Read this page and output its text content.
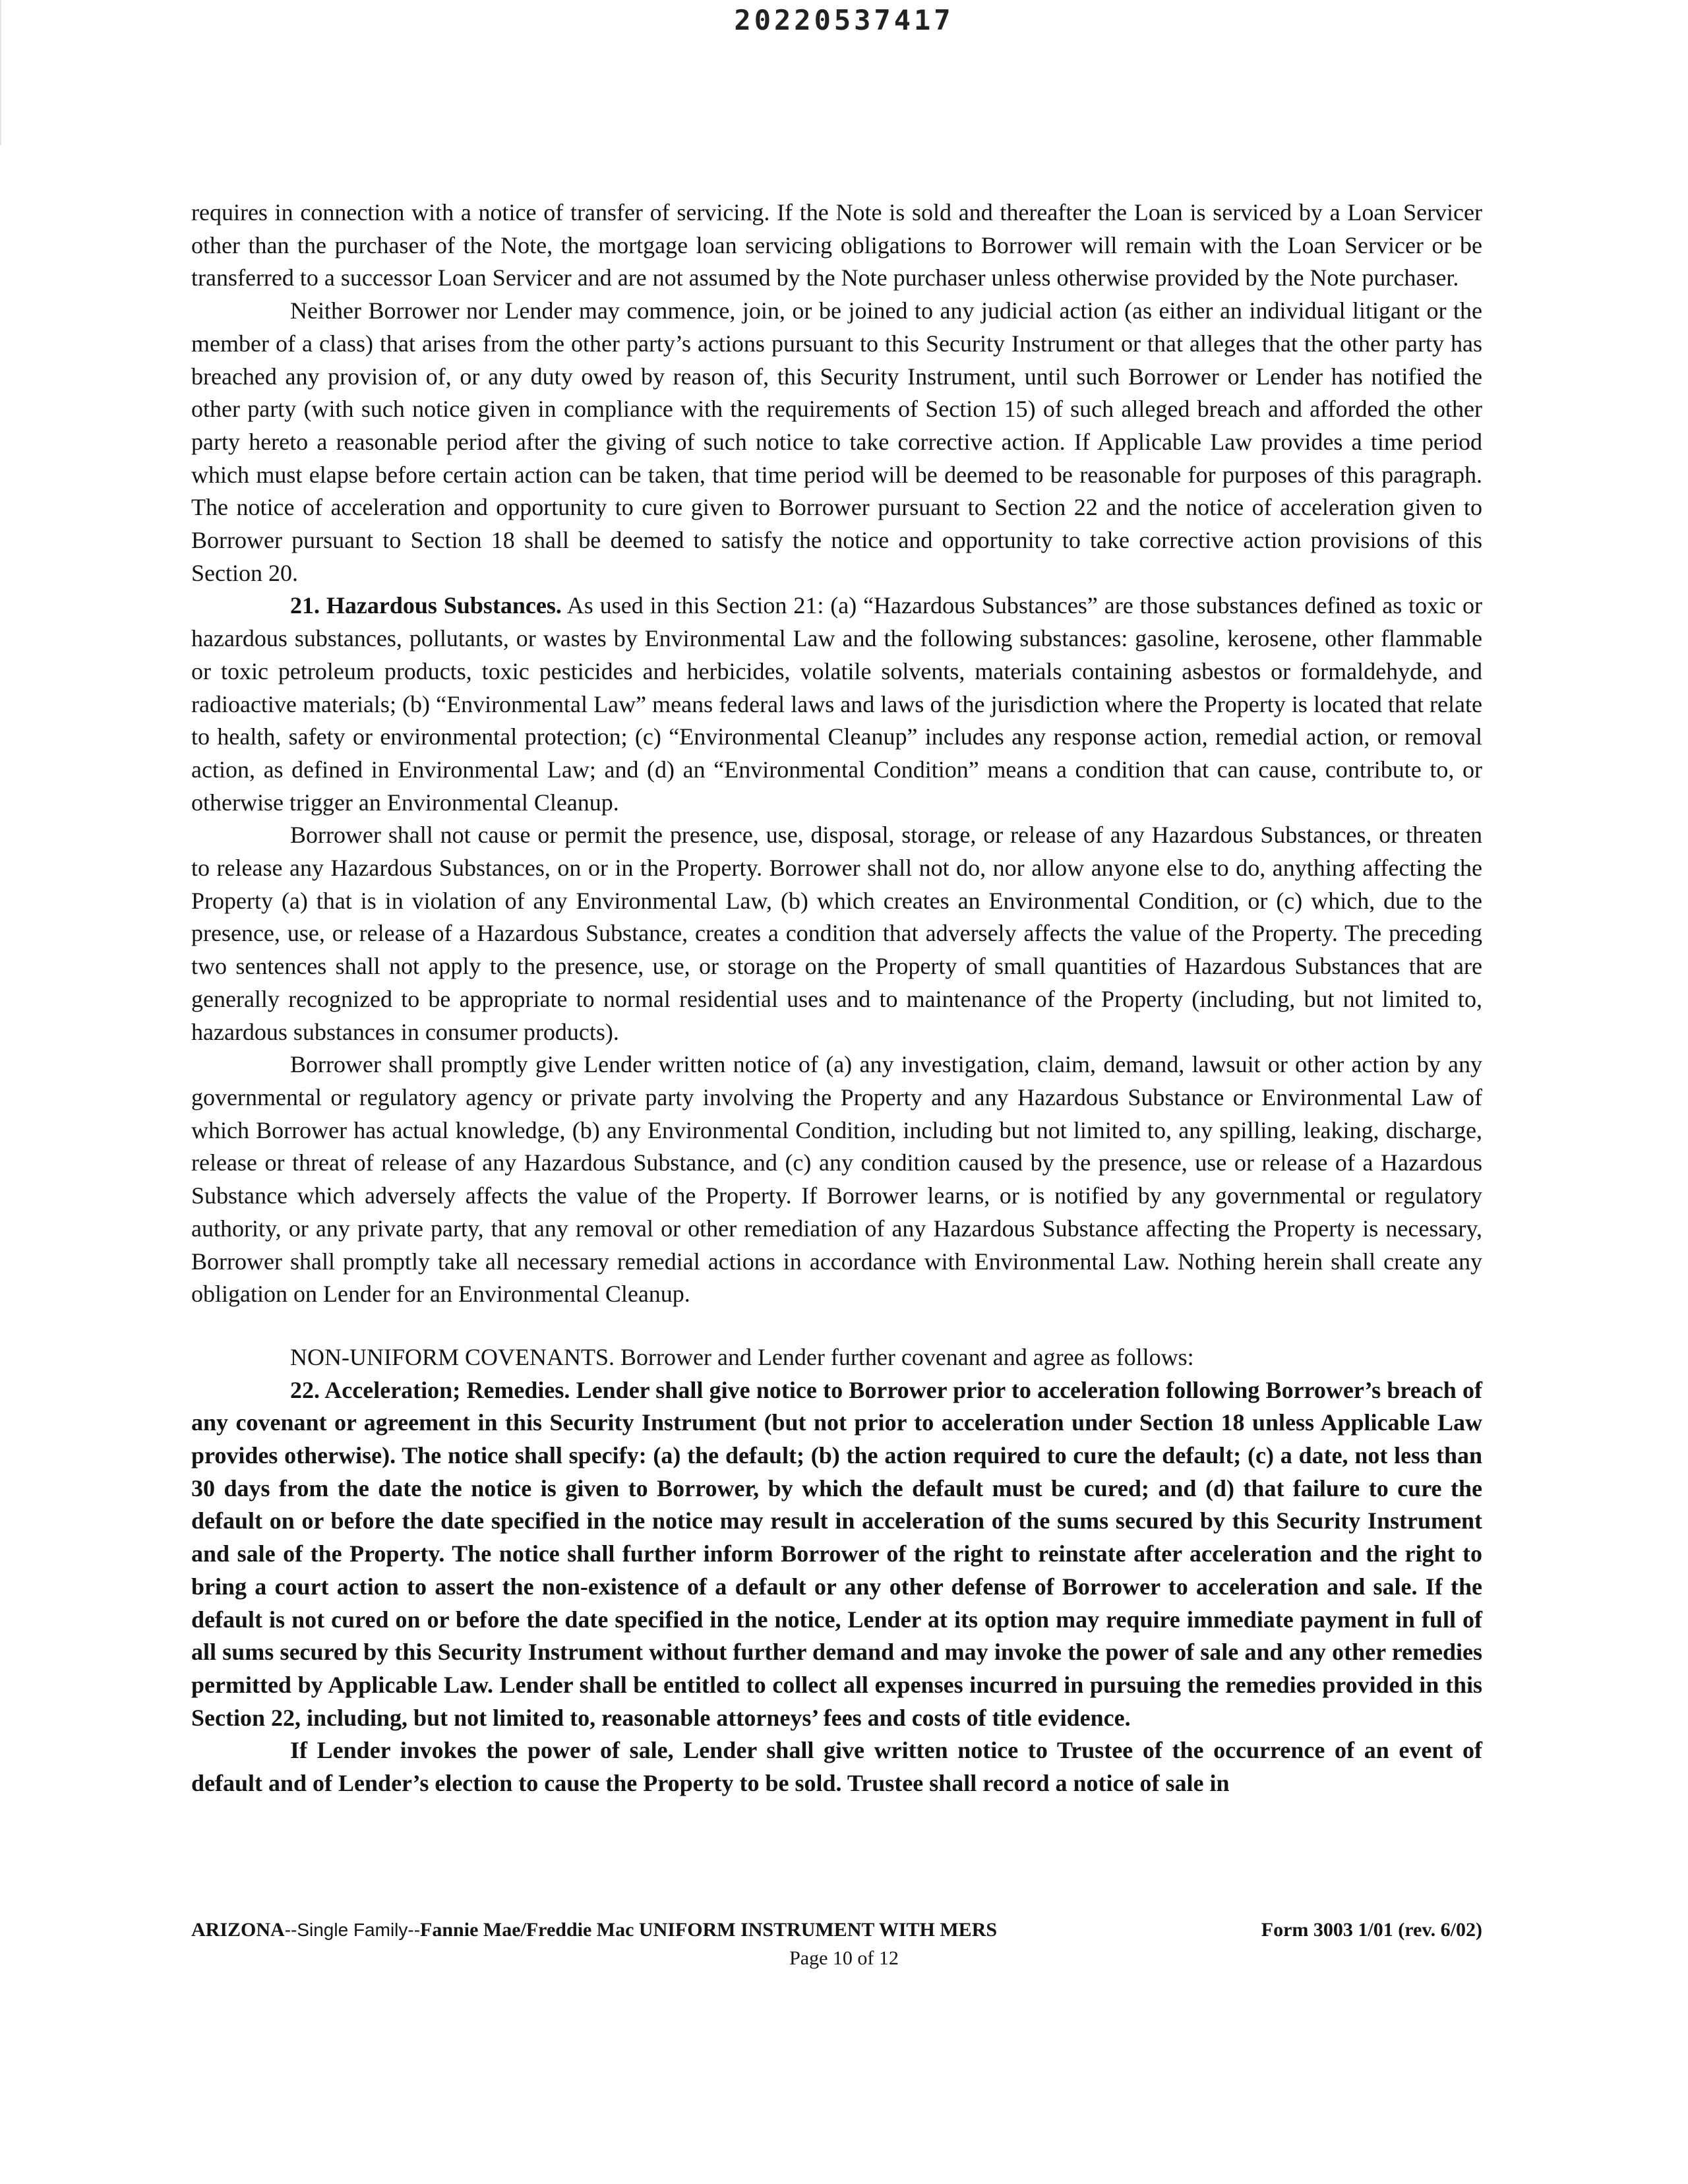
20220537417

requires in connection with a notice of transfer of servicing. If the Note is sold and thereafter the Loan is serviced by a Loan Servicer other than the purchaser of the Note, the mortgage loan servicing obligations to Borrower will remain with the Loan Servicer or be transferred to a successor Loan Servicer and are not assumed by the Note purchaser unless otherwise provided by the Note purchaser.

Neither Borrower nor Lender may commence, join, or be joined to any judicial action (as either an individual litigant or the member of a class) that arises from the other party’s actions pursuant to this Security Instrument or that alleges that the other party has breached any provision of, or any duty owed by reason of, this Security Instrument, until such Borrower or Lender has notified the other party (with such notice given in compliance with the requirements of Section 15) of such alleged breach and afforded the other party hereto a reasonable period after the giving of such notice to take corrective action. If Applicable Law provides a time period which must elapse before certain action can be taken, that time period will be deemed to be reasonable for purposes of this paragraph. The notice of acceleration and opportunity to cure given to Borrower pursuant to Section 22 and the notice of acceleration given to Borrower pursuant to Section 18 shall be deemed to satisfy the notice and opportunity to take corrective action provisions of this Section 20.

21. Hazardous Substances. As used in this Section 21: (a) “Hazardous Substances” are those substances defined as toxic or hazardous substances, pollutants, or wastes by Environmental Law and the following substances: gasoline, kerosene, other flammable or toxic petroleum products, toxic pesticides and herbicides, volatile solvents, materials containing asbestos or formaldehyde, and radioactive materials; (b) “Environmental Law” means federal laws and laws of the jurisdiction where the Property is located that relate to health, safety or environmental protection; (c) “Environmental Cleanup” includes any response action, remedial action, or removal action, as defined in Environmental Law; and (d) an “Environmental Condition” means a condition that can cause, contribute to, or otherwise trigger an Environmental Cleanup.

Borrower shall not cause or permit the presence, use, disposal, storage, or release of any Hazardous Substances, or threaten to release any Hazardous Substances, on or in the Property. Borrower shall not do, nor allow anyone else to do, anything affecting the Property (a) that is in violation of any Environmental Law, (b) which creates an Environmental Condition, or (c) which, due to the presence, use, or release of a Hazardous Substance, creates a condition that adversely affects the value of the Property. The preceding two sentences shall not apply to the presence, use, or storage on the Property of small quantities of Hazardous Substances that are generally recognized to be appropriate to normal residential uses and to maintenance of the Property (including, but not limited to, hazardous substances in consumer products).

Borrower shall promptly give Lender written notice of (a) any investigation, claim, demand, lawsuit or other action by any governmental or regulatory agency or private party involving the Property and any Hazardous Substance or Environmental Law of which Borrower has actual knowledge, (b) any Environmental Condition, including but not limited to, any spilling, leaking, discharge, release or threat of release of any Hazardous Substance, and (c) any condition caused by the presence, use or release of a Hazardous Substance which adversely affects the value of the Property. If Borrower learns, or is notified by any governmental or regulatory authority, or any private party, that any removal or other remediation of any Hazardous Substance affecting the Property is necessary, Borrower shall promptly take all necessary remedial actions in accordance with Environmental Law. Nothing herein shall create any obligation on Lender for an Environmental Cleanup.

NON-UNIFORM COVENANTS. Borrower and Lender further covenant and agree as follows:

22. Acceleration; Remedies. Lender shall give notice to Borrower prior to acceleration following Borrower’s breach of any covenant or agreement in this Security Instrument (but not prior to acceleration under Section 18 unless Applicable Law provides otherwise). The notice shall specify: (a) the default; (b) the action required to cure the default; (c) a date, not less than 30 days from the date the notice is given to Borrower, by which the default must be cured; and (d) that failure to cure the default on or before the date specified in the notice may result in acceleration of the sums secured by this Security Instrument and sale of the Property. The notice shall further inform Borrower of the right to reinstate after acceleration and the right to bring a court action to assert the non-existence of a default or any other defense of Borrower to acceleration and sale. If the default is not cured on or before the date specified in the notice, Lender at its option may require immediate payment in full of all sums secured by this Security Instrument without further demand and may invoke the power of sale and any other remedies permitted by Applicable Law. Lender shall be entitled to collect all expenses incurred in pursuing the remedies provided in this Section 22, including, but not limited to, reasonable attorneys’ fees and costs of title evidence.

If Lender invokes the power of sale, Lender shall give written notice to Trustee of the occurrence of an event of default and of Lender’s election to cause the Property to be sold. Trustee shall record a notice of sale in

ARIZONA--Single Family--Fannie Mae/Freddie Mac UNIFORM INSTRUMENT WITH MERS	Form 3003 1/01 (rev. 6/02)
Page 10 of 12
